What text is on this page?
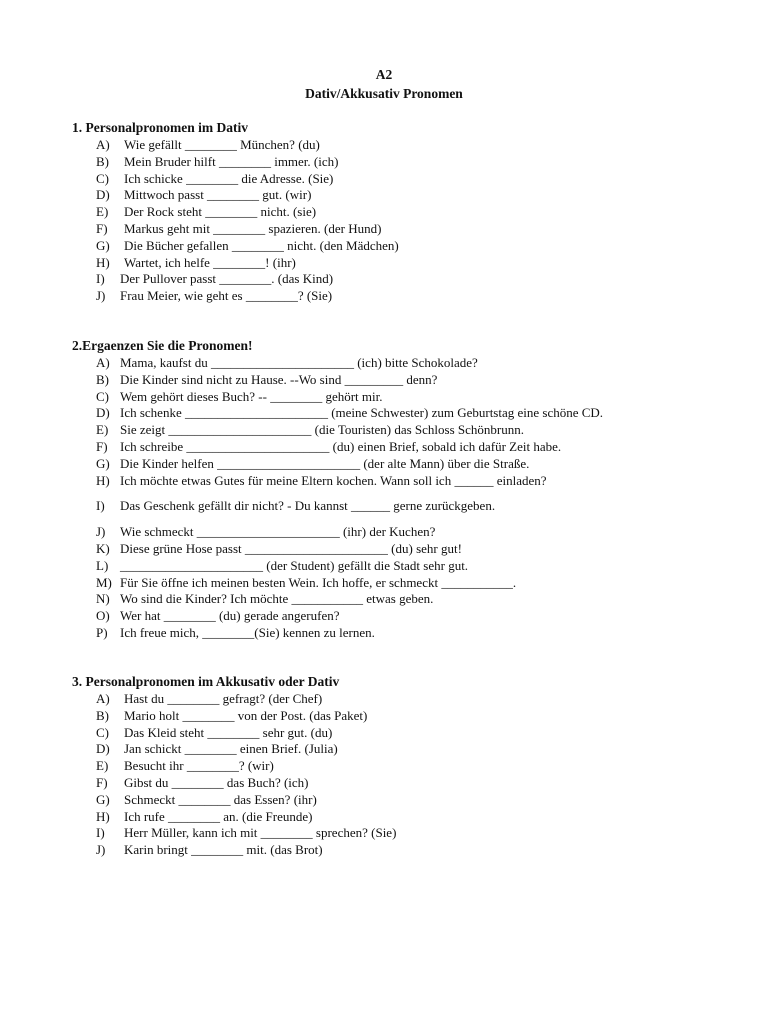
A2
Dativ/Akkusativ Pronomen
1. Personalpronomen im Dativ
A) Wie gefällt ________ München? (du)
B) Mein Bruder hilft ________ immer. (ich)
C) Ich schicke ________ die Adresse. (Sie)
D) Mittwoch passt ________ gut. (wir)
E) Der Rock steht ________ nicht. (sie)
F) Markus geht mit ________ spazieren. (der Hund)
G) Die Bücher gefallen ________ nicht. (den Mädchen)
H) Wartet, ich helfe ________! (ihr)
I) Der Pullover passt ________. (das Kind)
J) Frau Meier, wie geht es ________? (Sie)
2.Ergaenzen Sie die Pronomen!
A) Mama, kaufst du ______________________ (ich) bitte Schokolade?
B) Die Kinder sind nicht zu Hause. --Wo sind _________ denn?
C) Wem gehört dieses Buch? -- ________ gehört mir.
D) Ich schenke ______________________ (meine Schwester) zum Geburtstag eine schöne CD.
E) Sie zeigt ______________________ (die Touristen) das Schloss Schönbrunn.
F) Ich schreibe ______________________ (du) einen Brief, sobald ich dafür Zeit habe.
G) Die Kinder helfen ______________________ (der alte Mann) über die Straße.
H) Ich möchte etwas Gutes für meine Eltern kochen. Wann soll ich ______ einladen?
I) Das Geschenk gefällt dir nicht? - Du kannst ______ gerne zurückgeben.
J) Wie schmeckt ______________________ (ihr) der Kuchen?
K) Diese grüne Hose passt ______________________ (du) sehr gut!
L) ______________________ (der Student) gefällt die Stadt sehr gut.
M) Für Sie öffne ich meinen besten Wein. Ich hoffe, er schmeckt ___________.
N) Wo sind die Kinder? Ich möchte ___________ etwas geben.
O) Wer hat ________ (du) gerade angerufen?
P) Ich freue mich, ________(Sie) kennen zu lernen.
3. Personalpronomen im Akkusativ oder Dativ
A) Hast du ________ gefragt? (der Chef)
B) Mario holt ________ von der Post. (das Paket)
C) Das Kleid steht ________ sehr gut. (du)
D) Jan schickt ________ einen Brief. (Julia)
E) Besucht ihr ________? (wir)
F) Gibst du ________ das Buch? (ich)
G) Schmeckt ________ das Essen? (ihr)
H) Ich rufe ________ an. (die Freunde)
I) Herr Müller, kann ich mit ________ sprechen? (Sie)
J) Karin bringt ________ mit. (das Brot)
